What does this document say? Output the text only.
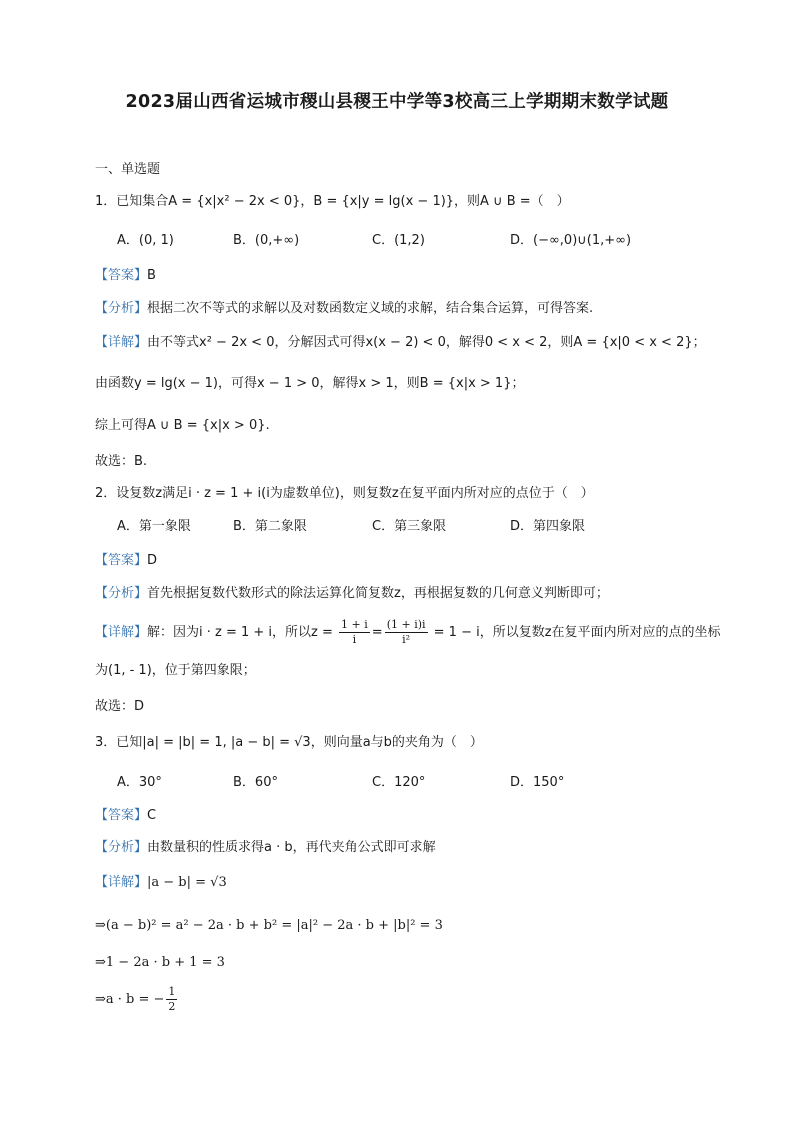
2023届山西省运城市稷山县稷王中学等3校高三上学期期末数学试题
一、单选题
1．已知集合A = {x|x² − 2x < 0}，B = {x|y = lg(x − 1)}，则A ∪ B =（　）
A．(0, 1)	B．(0,+∞)	C．(1,2)	D．(−∞,0)∪(1,+∞)
【答案】B
【分析】根据二次不等式的求解以及对数函数定义域的求解，结合集合运算，可得答案.
【详解】由不等式x² − 2x < 0，分解因式可得x(x − 2) < 0，解得0 < x < 2，则A = {x|0 < x < 2}；
由函数y = lg(x − 1)，可得x − 1 > 0，解得x > 1，则B = {x|x > 1}；
综上可得A ∪ B = {x|x > 0}.
故选：B.
2．设复数z满足i · z = 1 + i(i为虚数单位)，则复数z在复平面内所对应的点位于（　）
A．第一象限	B．第二象限	C．第三象限	D．第四象限
【答案】D
【分析】首先根据复数代数形式的除法运算化简复数z，再根据复数的几何意义判断即可；
【详解】解：因为i · z = 1 + i，所以$z = \frac{1 + i}{i} = \frac{(1 + i)i}{\text{i²}} = 1 - i$，所以复数z在复平面内所对应的点的坐标
为(1, - 1)，位于第四象限；
故选：D
3．已知|a| = |b| = 1, |a − b| = √3，则向量a与b的夹角为（　）
A．30°	B．60°	C．120°	D．150°
【答案】C
【分析】由数量积的性质求得a · b，再代夹角公式即可求解
【详解】|a − b| = √3
⇒(a − b)² = a² − 2a · b + b² = |a|² − 2a · b + |b|² = 3
⇒1 − 2a · b + 1 = 3
⇒a · b = − $\frac{1}{2}$
